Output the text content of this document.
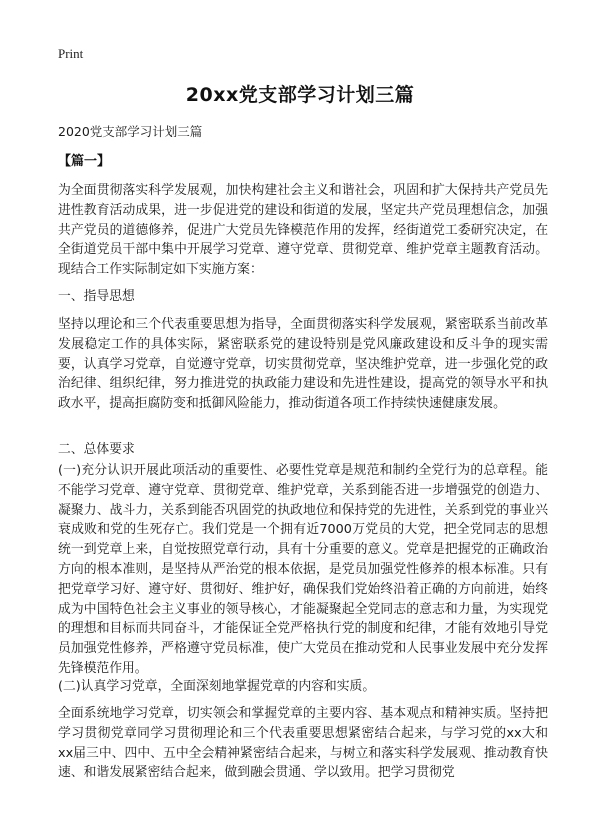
Print
20xx党支部学习计划三篇
2020党支部学习计划三篇
【篇一】

为全面贯彻落实科学发展观，加快构建社会主义和谐社会，巩固和扩大保持共产党员先进性教育活动成果，进一步促进党的建设和街道的发展，坚定共产党员理想信念，加强共产党员的道德修养，促进广大党员先锋模范作用的发挥，经街道党工委研究决定，在全街道党员干部中集中开展学习党章、遵守党章、贯彻党章、维护党章主题教育活动。现结合工作实际制定如下实施方案：

一、指导思想

坚持以理论和三个代表重要思想为指导，全面贯彻落实科学发展观，紧密联系当前改革发展稳定工作的具体实际，紧密联系党的建设特别是党风廉政建设和反斗争的现实需要，认真学习党章，自觉遵守党章，切实贯彻党章，坚决维护党章，进一步强化党的政治纪律、组织纪律，努力推进党的执政能力建设和先进性建设，提高党的领导水平和执政水平，提高拒腐防变和抵御风险能力，推动街道各项工作持续快速健康发展。

二、总体要求

(一)充分认识开展此项活动的重要性、必要性党章是规范和制约全党行为的总章程。能不能学习党章、遵守党章、贯彻党章、维护党章，关系到能否进一步增强党的创造力、凝聚力、战斗力，关系到能否巩固党的执政地位和保持党的先进性，关系到党的事业兴衰成败和党的生死存亡。我们党是一个拥有近7000万党员的大党，把全党同志的思想统一到党章上来，自觉按照党章行动，具有十分重要的意义。党章是把握党的正确政治方向的根本准则，是坚持从严治党的根本依据，是党员加强党性修养的根本标准。只有把党章学习好、遵守好、贯彻好、维护好，确保我们党始终沿着正确的方向前进，始终成为中国特色社会主义事业的领导核心，才能凝聚起全党同志的意志和力量，为实现党的理想和目标而共同奋斗，才能保证全党严格执行党的制度和纪律，才能有效地引导党员加强党性修养，严格遵守党员标准，使广大党员在推动党和人民事业发展中充分发挥先锋模范作用。

(二)认真学习党章，全面深刻地掌握党章的内容和实质。

全面系统地学习党章，切实领会和掌握党章的主要内容、基本观点和精神实质。坚持把学习贯彻党章同学习贯彻理论和三个代表重要思想紧密结合起来，与学习党的xx大和xx届三中、四中、五中全会精神紧密结合起来，与树立和落实科学发展观、推动教育快速、和谐发展紧密结合起来，做到融会贯通、学以致用。把学习贯彻党
